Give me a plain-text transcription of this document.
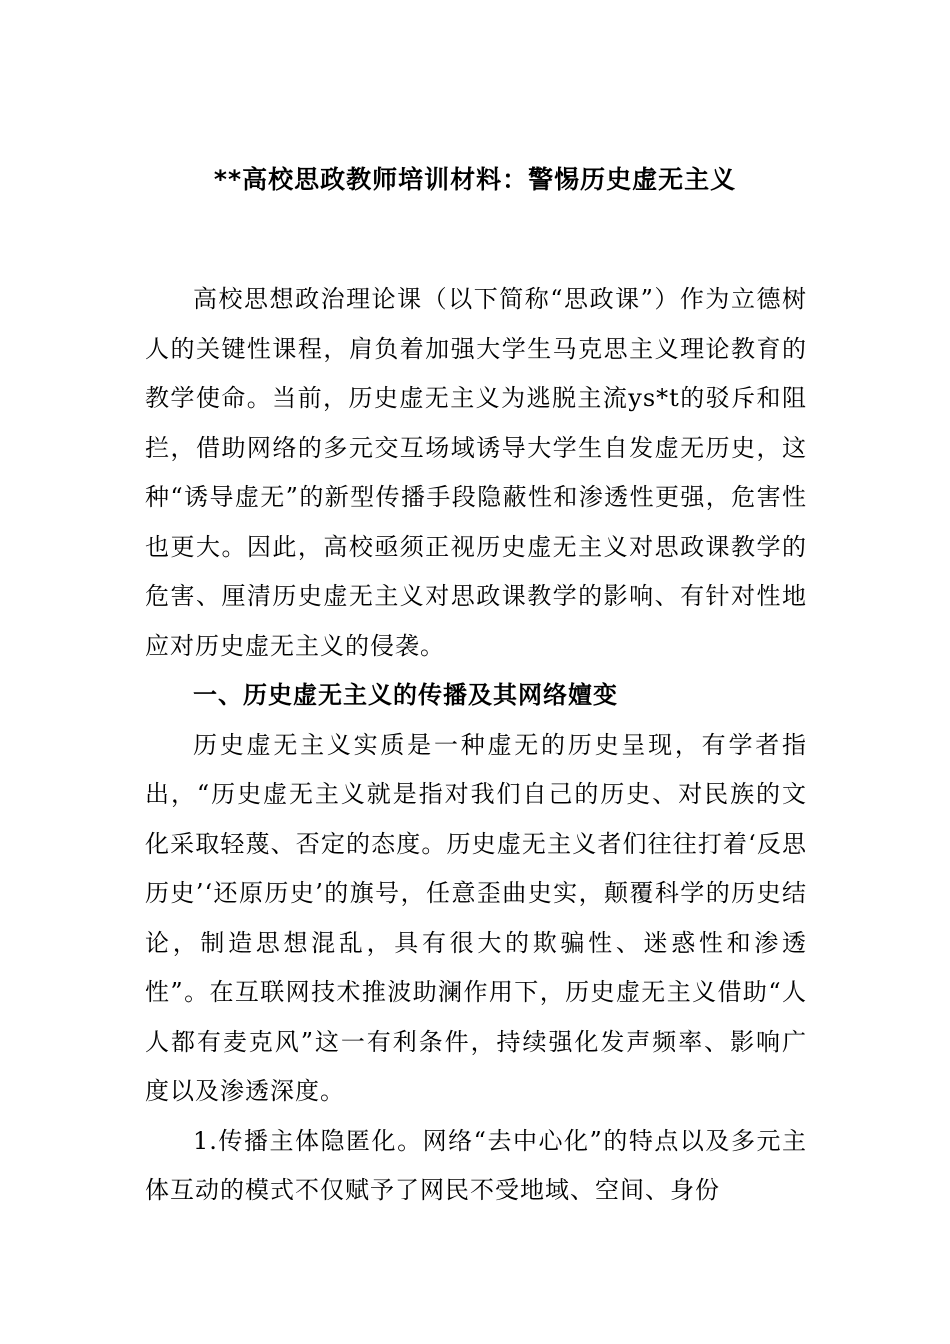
**高校思政教师培训材料：警惕历史虚无主义

高校思想政治理论课（以下简称“思政课”）作为立德树人的关键性课程，肩负着加强大学生马克思主义理论教育的教学使命。当前，历史虚无主义为逃脱主流ys*t的驳斥和阻拦，借助网络的多元交互场域诱导大学生自发虚无历史，这种“诱导虚无”的新型传播手段隐蔽性和渗透性更强，危害性也更大。因此，高校亟须正视历史虚无主义对思政课教学的危害、厘清历史虚无主义对思政课教学的影响、有针对性地应对历史虚无主义的侵袭。

一、历史虚无主义的传播及其网络嬗变

历史虚无主义实质是一种虚无的历史呈现，有学者指出，“历史虚无主义就是指对我们自己的历史、对民族的文化采取轻蔑、否定的态度。历史虚无主义者们往往打着‘反思历史’‘还原历史’的旗号，任意歪曲史实，颠覆科学的历史结论，制造思想混乱，具有很大的欺骗性、迷惑性和渗透性”。在互联网技术推波助澜作用下，历史虚无主义借助“人人都有麦克风”这一有利条件，持续强化发声频率、影响广度以及渗透深度。

1.传播主体隐匿化。网络“去中心化”的特点以及多元主体互动的模式不仅赋予了网民不受地域、空间、身份
